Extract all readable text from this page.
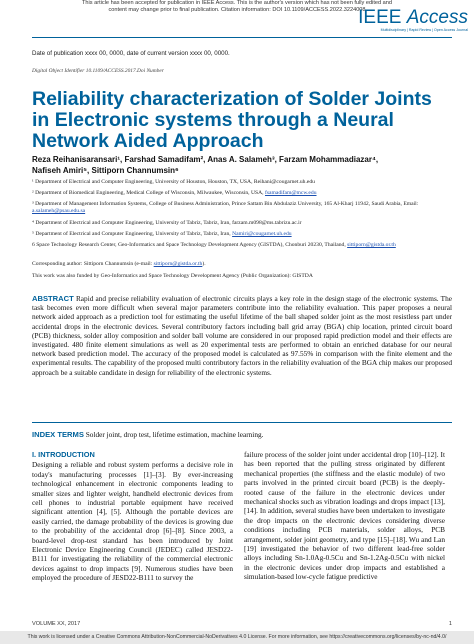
This article has been accepted for publication in IEEE Access. This is the author's version which has not been fully edited and
content may change prior to final publication. Citation information: DOI 10.1109/ACCESS.2022.3224008
IEEE Access
Multidisciplinary | Rapid Review | Open Access Journal
Date of publication xxxx 00, 0000, date of current version xxxx 00, 0000.
Digital Object Identifier 10.1109/ACCESS.2017.Doi Number
Reliability characterization of Solder Joints in Electronic systems through a Neural Network Aided Approach
Reza Reihanisaransari¹, Farshad Samadifam², Anas A. Salameh³, Farzam Mohammadiazar⁴,
Nafiseh Amiri⁵, Sittiporn Channumsin⁶
¹ Department of Electrical and Computer Engineering, University of Houston, Houston, TX, USA, Reihani@cougarnet.uh.edu
² Department of Biomedical Engineering, Medical College of Wisconsin, Milwaukee, Wisconsin, USA, fsamadifam@mcw.edu
³ Department of Management Information Systems, College of Business Administration, Prince Sattam Bin Abdulaziz University, 165 Al-Kharj 11942, Saudi Arabia, Email: a.salameh@psau.edu.sa
⁴ Department of Electrical and Computer Engineering, University of Tabriz, Tabriz, Iran, farzam.m098@ms.tabrizu.ac.ir
⁵ Department of Electrical and Computer Engineering, University of Tabriz, Tabriz, Iran, Namiri@cougarnet.uh.edu
6 Space Technology Research Center, Geo-Informatics and Space Technology Development Agency (GISTDA), Chonburi 20230, Thailand, sittiporn@gistda.or.th
Corresponding author: Sittiporn Channumsin (e-mail: sittiporn@gistda.or.th).
This work was also funded by Geo-Informatics and Space Technology Development Agency (Public Organization): GISTDA
ABSTRACT Rapid and precise reliability evaluation of electronic circuits plays a key role in the design stage of the electronic systems. The task becomes even more difficult when several major parameters contribute into the reliability evaluation. This paper proposes a neural network aided approach as a prediction tool for estimating the useful lifetime of the ball shaped solder joint as the most resistless part under accidental drops in the electronic devices. Several contributory factors including ball grid array (BGA) chip location, printed circuit board (PCB) thickness, solder alloy composition and solder ball volume are considered in our proposed rapid prediction model and their effects are investigated. 480 finite element simulations as well as 20 experimental tests are performed to obtain an enriched database for our neural network based prediction model. The accuracy of the proposed model is calculated as 97.55% in comparison with the finite element and the experimental results. The capability of the proposed multi contributory factors in the reliability evaluation of the BGA chip makes our proposed approach be a suitable candidate in design for reliability of the electronic systems.
INDEX TERMS Solder joint, drop test, lifetime estimation, machine learning.
I. INTRODUCTION

Designing a reliable and robust system performs a decisive role in today's manufacturing processes [1]–[3]. By ever-increasing technological enhancement in electronic components leading to smaller sizes and lighter weight, handheld electronic devices from cell phones to industrial portable equipment have received significant attention [4], [5]. Although the portable devices are easily carried, the damage probability of the devices is growing due to the probability of the accidental drop [6]–[8]. Since 2003, a board-level drop-test standard has been introduced by Joint Electronic Device Engineering Council (JEDEC) called JESD22-B111 for investigating the reliability of the commercial electronic devices against to drop impacts [9]. Numerous studies have been employed the procedure of JESD22-B111 to survey the

failure process of the solder joint under accidental drop [10]–[12]. It has been reported that the pulling stress originated by different mechanical properties (the stiffness and the elastic module) of two parts involved in the printed circuit board (PCB) is the deeply-rooted cause of the failure in the electronic devices under mechanical shocks such as vibration loadings and drops impact [13], [14]. In addition, several studies have been undertaken to investigate the drop impacts on the electronic devices considering diverse conditions including PCB materials, solder alloys, PCB arrangement, solder joint geometry, and type [15]–[18]. Wu and Lan [19] investigated the behavior of two different lead-free solder alloys including Sn-1.0Ag-0.5Cu and Sn-1.2Ag-0.5Cu with nickel in the electronic devices under drop impacts and established a simulation-based low-cycle fatigue predictive

VOLUME XX, 2017	1
This work is licensed under a Creative Commons Attribution-NonCommercial-NoDerivatives 4.0 License. For more information, see https://creativecommons.org/licenses/by-nc-nd/4.0/
